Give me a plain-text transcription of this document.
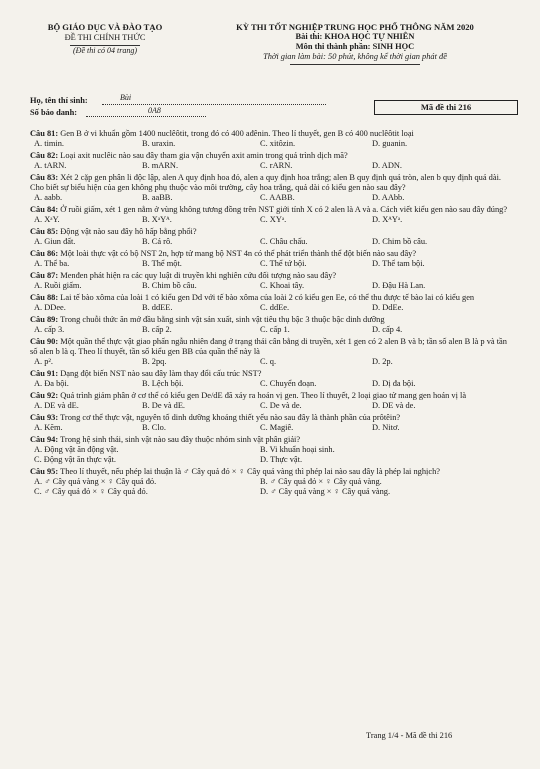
BỘ GIÁO DỤC VÀ ĐÀO TẠO
ĐỀ THI CHÍNH THỨC
(Đề thi có 04 trang)
KỲ THI TỐT NGHIỆP TRUNG HỌC PHỔ THÔNG NĂM 2020
Bài thi: KHOA HỌC TỰ NHIÊN
Môn thi thành phần: SINH HỌC
Thời gian làm bài: 50 phút, không kể thời gian phát đề
Họ, tên thí sinh:	Bùi
Số báo danh:	0A8	Mã đề thi 216
Câu 81: Gen B ở vi khuẩn gồm 1400 nuclêôtit, trong đó có 400 ađênin. Theo lí thuyết, gen B có 400 nuclêôtit loại
A. timin.	B. uraxin.	C. xitôzin.	D. guanin.
Câu 82: Loại axit nuclêic nào sau đây tham gia vận chuyển axit amin trong quá trình dịch mã?
A. tARN.	B. mARN.	C. rARN.	D. ADN.
Câu 83: Xét 2 cặp gen phân li độc lập, alen A quy định hoa đỏ, alen a quy định hoa trắng; alen B quy định quả tròn, alen b quy định quả dài. Cho biết sự biểu hiện của gen không phụ thuộc vào môi trường, cây hoa trắng, quả dài có kiểu gen nào sau đây?
A. aabb.	B. aaBB.	C. AABB.	D. AAbb.
Câu 84: Ở ruồi giấm, xét 1 gen nằm ở vùng không tương đồng trên NST giới tính X có 2 alen là A và a. Cách viết kiểu gen nào sau đây đúng?
A. XᵃY.	B. XᵃYᴬ.	C. XYᵃ.	D. XᴬYᵃ.
Câu 85: Động vật nào sau đây hô hấp bằng phổi?
A. Giun đất.	B. Cá rô.	C. Châu chấu.	D. Chim bồ câu.
Câu 86: Một loài thực vật có bộ NST 2n, hợp tử mang bộ NST 4n có thể phát triển thành thể đột biến nào sau đây?
A. Thể ba.	B. Thể một.	C. Thể tứ bội.	D. Thể tam bội.
Câu 87: Menđen phát hiện ra các quy luật di truyền khi nghiên cứu đối tượng nào sau đây?
A. Ruồi giấm.	B. Chim bồ câu.	C. Khoai tây.	D. Đậu Hà Lan.
Câu 88: Lai tế bào xôma của loài 1 có kiểu gen Dd với tế bào xôma của loài 2 có kiểu gen Ee, có thể thu được tế bào lai có kiểu gen
A. DDee.	B. ddEE.	C. ddEe.	D. DdEe.
Câu 89: Trong chuỗi thức ăn mở đầu bằng sinh vật sản xuất, sinh vật tiêu thụ bậc 3 thuộc bậc dinh dưỡng
A. cấp 3.	B. cấp 2.	C. cấp 1.	D. cấp 4.
Câu 90: Một quần thể thực vật giao phấn ngẫu nhiên đang ở trạng thái cân bằng di truyền, xét 1 gen có 2 alen B và b; tần số alen B là p và tần số alen b là q. Theo lí thuyết, tần số kiểu gen BB của quần thể này là
A. p².	B. 2pq.	C. q.	D. 2p.
Câu 91: Dạng đột biến NST nào sau đây làm thay đổi cấu trúc NST?
A. Đa bội.	B. Lệch bội.	C. Chuyển đoạn.	D. Dị đa bội.
Câu 92: Quá trình giảm phân ở cơ thể có kiểu gen De/dE đã xảy ra hoán vị gen. Theo lí thuyết, 2 loại giao tử mang gen hoán vị là
A. DE và dE.	B. De và dE.	C. De và de.	D. DE và de.
Câu 93: Trong cơ thể thực vật, nguyên tố dinh dưỡng khoáng thiết yếu nào sau đây là thành phần của prôtêin?
A. Kẽm.	B. Clo.	C. Magiê.	D. Nitơ.
Câu 94: Trong hệ sinh thái, sinh vật nào sau đây thuộc nhóm sinh vật phân giải?
A. Động vật ăn động vật.	B. Vi khuẩn hoại sinh.
C. Động vật ăn thực vật.	D. Thực vật.
Câu 95: Theo lí thuyết, nếu phép lai thuận là ♂ Cây quả đỏ × ♀ Cây quả vàng thì phép lai nào sau đây là phép lai nghịch?
A. ♂ Cây quả vàng × ♀ Cây quả đỏ.	B. ♂ Cây quả đỏ × ♀ Cây quả vàng.
C. ♂ Cây quả đỏ × ♀ Cây quả đỏ.	D. ♂ Cây quả vàng × ♀ Cây quả vàng.
Trang 1/4 - Mã đề thi 216
